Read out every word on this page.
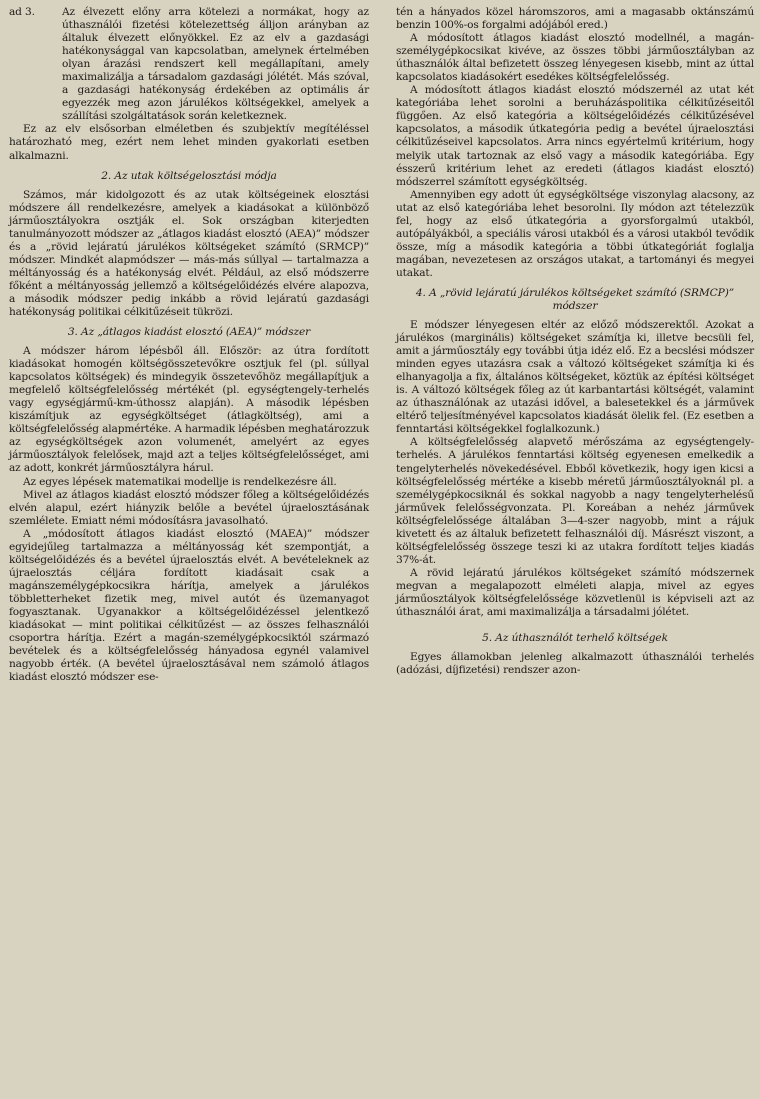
ad 3.	Az élvezett előny arra kötelezi a normákat, hogy az úthasználói fizetési kötelezettség álljon arányban az általuk élvezett előnyökkel. Ez az elv a gazdasági hatékonysággal van kapcsolatban, amelynek értelmében olyan árazási rendszert kell megállapítani, amely maximalizálja a társadalom gazdasági jólétét. Más szóval, a gazdasági hatékonyság érdekében az optimális ár egyezzék meg azon járulékos költségekkel, amelyek a szállítási szolgáltatások során keletkeznek.

Ez az elv elsősorban elméletben és szubjektív megítéléssel határozható meg, ezért nem lehet minden gyakorlati esetben alkalmazni.

2. Az utak költségelosztási módja

Számos, már kidolgozott és az utak költségeinek elosztási módszere áll rendelkezésre, amelyek a kiadásokat a különböző járműosztályokra osztják el. Sok országban kiterjedten tanulmányozott módszer az „átlagos kiadást elosztó (AEA)” módszer és a „rövid lejáratú járulékos költségeket számító (SRMCP)” módszer. Mindkét alapmódszer — más-más súllyal — tartalmazza a méltányosság és a hatékonyság elvét. Például, az első módszerre főként a méltányosság jellemző a költségelőidézés elvére alapozva, a második módszer pedig inkább a rövid lejáratú gazdasági hatékonyság politikai célkitűzéseit tükrözi.

3. Az „átlagos kiadást elosztó (AEA)” módszer

A módszer három lépésből áll. Először: az útra fordított kiadásokat homogén költségösszetevőkre osztjuk fel (pl. súllyal kapcsolatos költségek) és mindegyik összetevőhöz megállapítjuk a megfelelő költségfelelősség mértékét (pl. egységtengely-terhelés vagy egységjármű-km-úthossz alapján). A második lépésben kiszámítjuk az egységköltséget (átlagköltség), ami a költségfelelősség alapmértéke. A harmadik lépésben meghatározzuk az egységköltségek azon volumenét, amelyért az egyes járműosztályok felelősek, majd azt a teljes költségfelelősséget, ami az adott, konkrét járműosztályra hárul.

Az egyes lépések matematikai modellje is rendelkezésre áll.

Mivel az átlagos kiadást elosztó módszer főleg a költségelőidézés elvén alapul, ezért hiányzik belőle a bevétel újraelosztásának szemlélete. Emiatt némi módosításra javasolható.

A „módosított átlagos kiadást elosztó (MAEA)” módszer egyidejűleg tartalmazza a méltányosság két szempontját, a költségelőidézés és a bevétel újraelosztás elvét. A bevételeknek az újraelosztás céljára fordított kiadásait csak a magánszemélygépkocsikra hárítja, amelyek a járulékos többletterheket fizetik meg, mivel autót és üzemanyagot fogyasztanak. Ugyanakkor a költségelőidézéssel jelentkező kiadásokat — mint politikai célkitűzést — az összes felhasználói csoportra hárítja. Ezért a magán-személygépkocsiktól származó bevételek és a költségfelelősség hányadosa egynél valamivel nagyobb érték. (A bevétel újraelosztásával nem számoló átlagos kiadást elosztó módszer ese-

tén a hányados közel háromszoros, ami a magasabb oktánszámú benzin 100%-os forgalmi adójából ered.)

A módosított átlagos kiadást elosztó modellnél, a magán-személygépkocsikat kivéve, az összes többi járműosztályban az úthasználók által befizetett összeg lényegesen kisebb, mint az úttal kapcsolatos kiadásokért esedékes költségfelelősség.

A módosított átlagos kiadást elosztó módszernél az utat két kategóriába lehet sorolni a beruházáspolitika célkitűzéseitől függően. Az első kategória a költségelőidézés célkitűzésével kapcsolatos, a második útkategória pedig a bevétel újraelosztási célkitűzéseivel kapcsolatos. Arra nincs egyértelmű kritérium, hogy melyik utak tartoznak az első vagy a második kategóriába. Egy ésszerű kritérium lehet az eredeti (átlagos kiadást elosztó) módszerrel számított egységköltség.

Amennyiben egy adott út egységköltsége viszonylag alacsony, az utat az első kategóriába lehet besorolni. Ily módon azt tételezzük fel, hogy az első útkategória a gyorsforgalmú utakból, autópályákból, a speciális városi utakból és a városi utakból tevődik össze, míg a második kategória a többi útkategóriát foglalja magában, nevezetesen az országos utakat, a tartományi és megyei utakat.

4. A „rövid lejáratú járulékos költségeket számító (SRMCP)” módszer

E módszer lényegesen eltér az előző módszerektől. Azokat a járulékos (marginális) költségeket számítja ki, illetve becsüli fel, amit a járműosztály egy további útja idéz elő. Ez a becslési módszer minden egyes utazásra csak a változó költségeket számítja ki és elhanyagolja a fix, általános költségeket, köztük az építési költséget is. A változó költségek főleg az út karbantartási költségét, valamint az úthasználónak az utazási idővel, a balesetekkel és a járművek eltérő teljesítményével kapcsolatos kiadását ölelik fel. (Ez esetben a fenntartási költségekkel foglalkozunk.)

A költségfelelősség alapvető mérőszáma az egységtengely-terhelés. A járulékos fenntartási költség egyenesen emelkedik a tengelyterhelés növekedésével. Ebből következik, hogy igen kicsi a költségfelelősség mértéke a kisebb méretű járműosztályoknál pl. a személygépkocsiknál és sokkal nagyobb a nagy tengelyterhelésű járművek felelősségvonzata. Pl. Koreában a nehéz járművek költségfelelőssége általában 3—4-szer nagyobb, mint a rájuk kivetett és az általuk befizetett felhasználói díj. Másrészt viszont, a költségfelelősség összege teszi ki az utakra fordított teljes kiadás 37%-át.

A rövid lejáratú járulékos költségeket számító módszernek megvan a megalapozott elméleti alapja, mivel az egyes járműosztályok költségfelelőssége közvetlenül is képviseli azt az úthasználói árat, ami maximalizálja a társadalmi jólétet.

5. Az úthasználót terhelő költségek

Egyes államokban jelenleg alkalmazott úthasználói terhelés (adózási, díjfizetési) rendszer azon-
